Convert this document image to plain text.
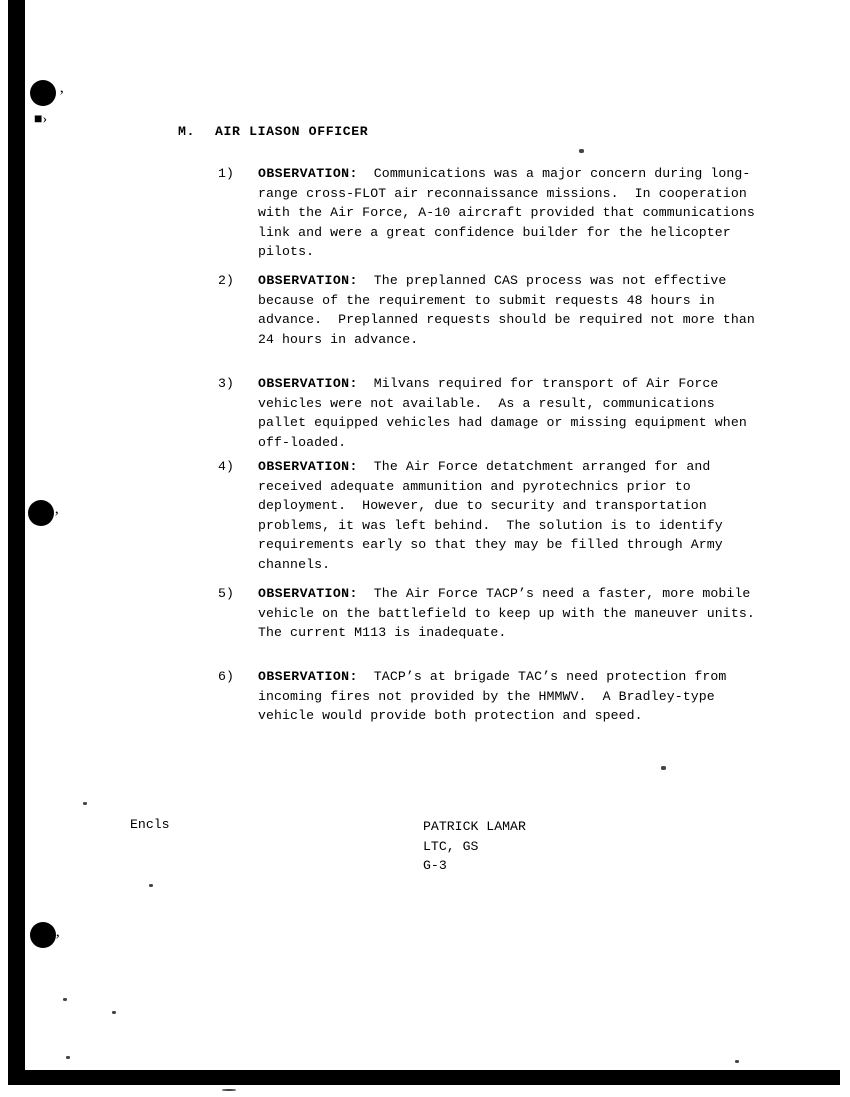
’
■›
’
’
M. AIR LIASON OFFICER
1)	OBSERVATION:  Communications was a major concern during long-range cross-FLOT air reconnaissance missions.  In cooperation with the Air Force, A-10 aircraft provided that communications link and were a great confidence builder for the helicopter pilots.
2)	OBSERVATION:  The preplanned CAS process was not effective because of the requirement to submit requests 48 hours in advance.  Preplanned requests should be required not more than 24 hours in advance.
3)	OBSERVATION:  Milvans required for transport of Air Force vehicles were not available.  As a result, communications pallet equipped vehicles had damage or missing equipment when off-loaded.
4)	OBSERVATION:  The Air Force detatchment arranged for and received adequate ammunition and pyrotechnics prior to deployment.  However, due to security and transportation problems, it was left behind.  The solution is to identify requirements early so that they may be filled through Army channels.
5)	OBSERVATION:  The Air Force TACP’s need a faster, more mobile vehicle on the battlefield to keep up with the maneuver units.  The current M113 is inadequate.
6)	OBSERVATION:  TACP’s at brigade TAC’s need protection from incoming fires not provided by the HMMWV.  A Bradley-type vehicle would provide both protection and speed.
Encls	PATRICK LAMAR
LTC, GS
G-3
